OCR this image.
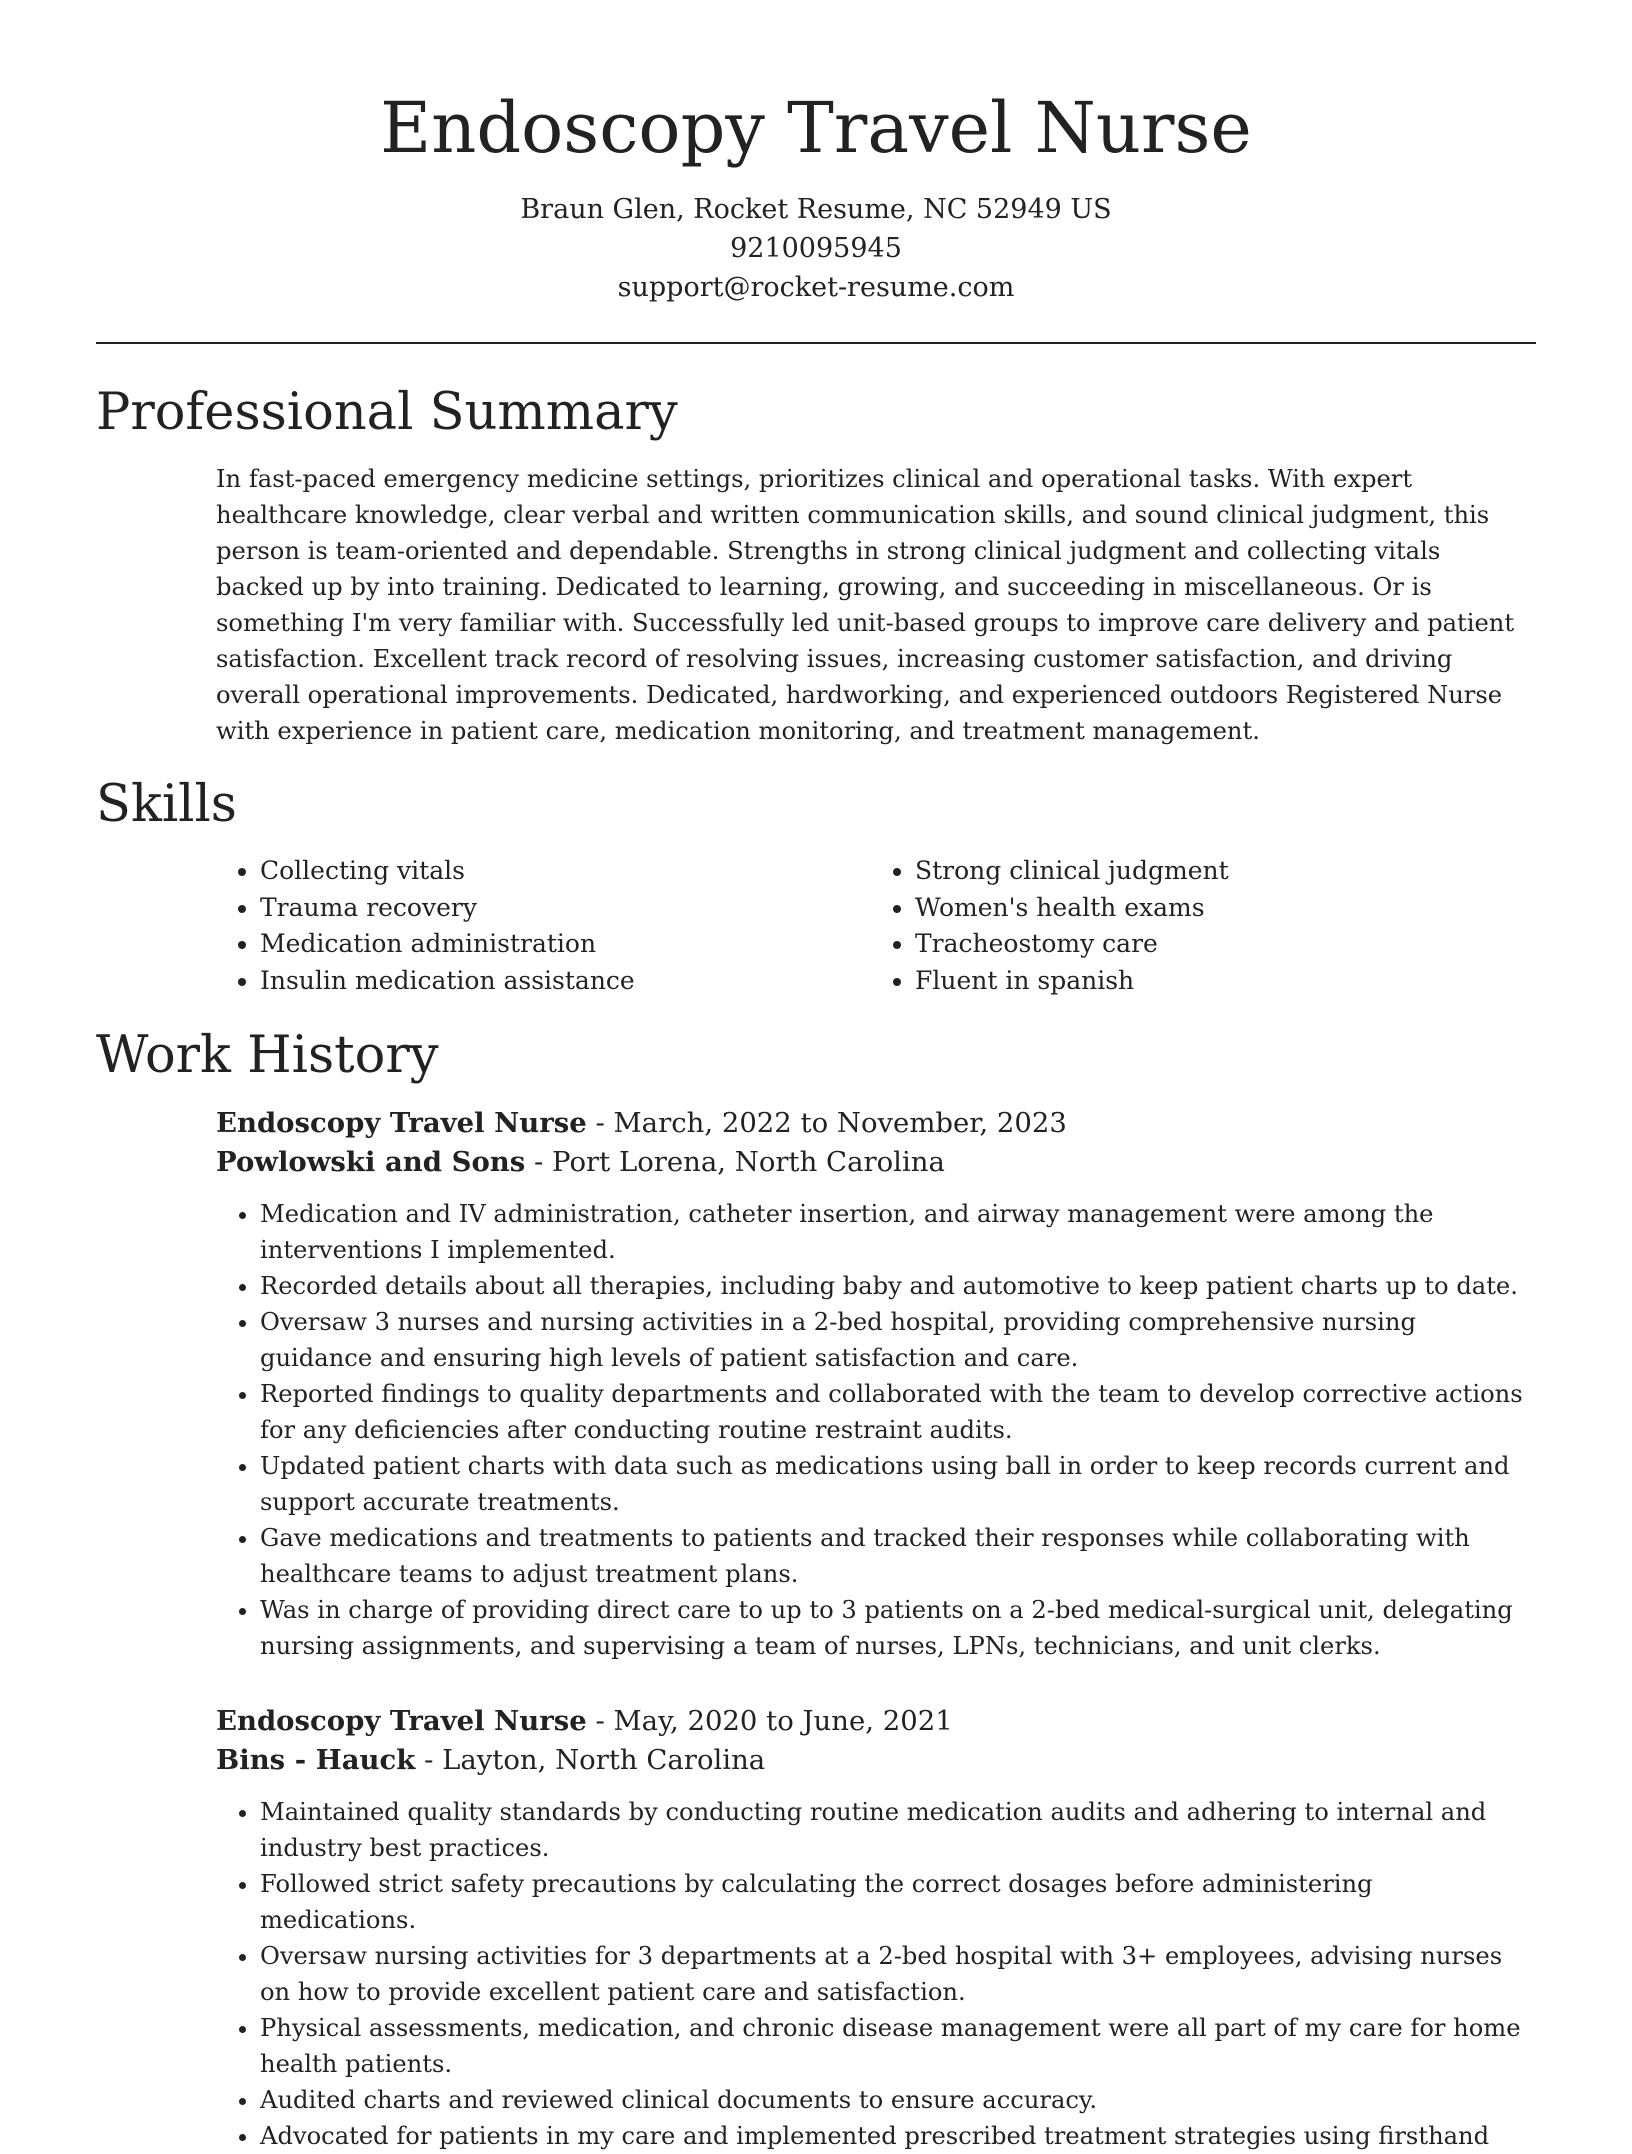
Endoscopy Travel Nurse
Braun Glen, Rocket Resume, NC 52949 US
9210095945
support@rocket-resume.com
Professional Summary

In fast-paced emergency medicine settings, prioritizes clinical and operational tasks. With expert healthcare knowledge, clear verbal and written communication skills, and sound clinical judgment, this person is team-oriented and dependable. Strengths in strong clinical judgment and collecting vitals backed up by into training. Dedicated to learning, growing, and succeeding in miscellaneous. Or is something I'm very familiar with. Successfully led unit-based groups to improve care delivery and patient satisfaction. Excellent track record of resolving issues, increasing customer satisfaction, and driving overall operational improvements. Dedicated, hardworking, and experienced outdoors Registered Nurse with experience in patient care, medication monitoring, and treatment management.

Skills
• Collecting vitals
• Trauma recovery
• Medication administration
• Insulin medication assistance
• Strong clinical judgment
• Women's health exams
• Tracheostomy care
• Fluent in spanish
Work History

Endoscopy Travel Nurse - March, 2022 to November, 2023

Powlowski and Sons - Port Lorena, North Carolina

• Medication and IV administration, catheter insertion, and airway management were among the interventions I implemented.
• Recorded details about all therapies, including baby and automotive to keep patient charts up to date.
• Oversaw 3 nurses and nursing activities in a 2-bed hospital, providing comprehensive nursing guidance and ensuring high levels of patient satisfaction and care.
• Reported findings to quality departments and collaborated with the team to develop corrective actions for any deficiencies after conducting routine restraint audits.
• Updated patient charts with data such as medications using ball in order to keep records current and support accurate treatments.
• Gave medications and treatments to patients and tracked their responses while collaborating with healthcare teams to adjust treatment plans.
• Was in charge of providing direct care to up to 3 patients on a 2-bed medical-surgical unit, delegating nursing assignments, and supervising a team of nurses, LPNs, technicians, and unit clerks.

Endoscopy Travel Nurse - May, 2020 to June, 2021

Bins - Hauck - Layton, North Carolina

• Maintained quality standards by conducting routine medication audits and adhering to internal and industry best practices.
• Followed strict safety precautions by calculating the correct dosages before administering medications.
• Oversaw nursing activities for 3 departments at a 2-bed hospital with 3+ employees, advising nurses on how to provide excellent patient care and satisfaction.
• Physical assessments, medication, and chronic disease management were all part of my care for home health patients.
• Audited charts and reviewed clinical documents to ensure accuracy.
• Advocated for patients in my care and implemented prescribed treatment strategies using firsthand
